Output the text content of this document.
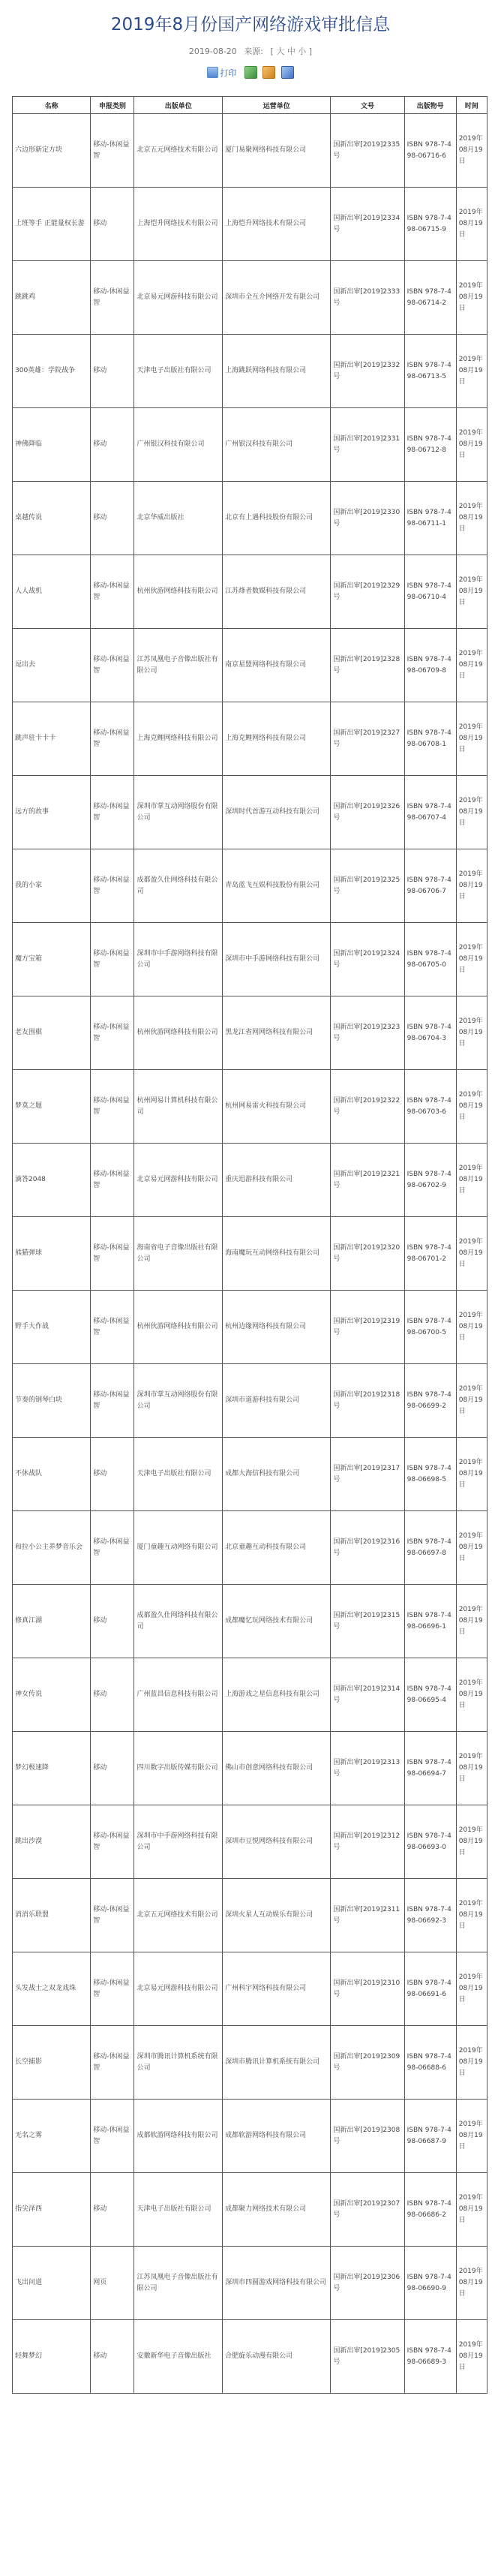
2019年8月份国产网络游戏审批信息
2019-08-20 来源: [ 大 中 小 ]
打印
名称	申报类别	出版单位	运营单位	文号	出版物号	时间
六边形新定方块	移动-休闲益智	北京五元网络技术有限公司	厦门易聚网络科技有限公司	国新出审[2019]2335号	ISBN 978-7-498-06716-6	2019年08月19日
上班等手 正能量权长游	移动	上海恺升网络技术有限公司	上海恺升网络技术有限公司	国新出审[2019]2334号	ISBN 978-7-498-06715-9	2019年08月19日
跳跳鸡	移动-休闲益智	北京易元网游科技有限公司	深圳市全互介网络开发有限公司	国新出审[2019]2333号	ISBN 978-7-498-06714-2	2019年08月19日
300英雄：学院战争	移动	天津电子出版社有限公司	上海跳跃网络科技有限公司	国新出审[2019]2332号	ISBN 978-7-498-06713-5	2019年08月19日
神佛降临	移动	广州银汉科技有限公司	广州银汉科技有限公司	国新出审[2019]2331号	ISBN 978-7-498-06712-8	2019年08月19日
桌越传说	移动	北京华威出版社	北京有上遇科技股份有限公司	国新出审[2019]2330号	ISBN 978-7-498-06711-1	2019年08月19日
人人战机	移动-休闲益智	杭州伙游网络科技有限公司	江苏烽者数媒科技有限公司	国新出审[2019]2329号	ISBN 978-7-498-06710-4	2019年08月19日
逗出去	移动-休闲益智	江苏凤凰电子音像出版社有限公司	南京星盟网络科技有限公司	国新出审[2019]2328号	ISBN 978-7-498-06709-8	2019年08月19日
跳声驻卡卡卡	移动-休闲益智	上海克鲤网络科技有限公司	上海克鲤网络科技有限公司	国新出审[2019]2327号	ISBN 978-7-498-06708-1	2019年08月19日
远方的故事	移动-休闲益智	深圳市掌互动网络股份有限公司	深圳时代首游互动科技有限公司	国新出审[2019]2326号	ISBN 978-7-498-06707-4	2019年08月19日
我的小家	移动-休闲益智	成都盈久仕网络科技有限公司	青岛蓝飞互娱科技股份有限公司	国新出审[2019]2325号	ISBN 978-7-498-06706-7	2019年08月19日
魔方宝箱	移动-休闲益智	深圳市中手游网络科技有限公司	深圳市中手游网络科技有限公司	国新出审[2019]2324号	ISBN 978-7-498-06705-0	2019年08月19日
老友围棋	移动-休闲益智	杭州伙游网络科技有限公司	黑龙江省网网络科技有限公司	国新出审[2019]2323号	ISBN 978-7-498-06704-3	2019年08月19日
梦莫之题	移动-休闲益智	杭州网易计算机科技有限公司	杭州网易雷火科技有限公司	国新出审[2019]2322号	ISBN 978-7-498-06703-6	2019年08月19日
滴答2048	移动-休闲益智	北京易元网游科技有限公司	重庆迅游科技有限公司	国新出审[2019]2321号	ISBN 978-7-498-06702-9	2019年08月19日
熊猫弹球	移动-休闲益智	海南省电子音像出版社有限公司	海南魔玩互动网络科技有限公司	国新出审[2019]2320号	ISBN 978-7-498-06701-2	2019年08月19日
野手大作战	移动-休闲益智	杭州伙游网络科技有限公司	杭州边缘网络科技有限公司	国新出审[2019]2319号	ISBN 978-7-498-06700-5	2019年08月19日
节奏的钢琴白块	移动-休闲益智	深圳市掌互动网络股份有限公司	深圳市道游科技有限公司	国新出审[2019]2318号	ISBN 978-7-498-06699-2	2019年08月19日
不休战队	移动	天津电子出版社有限公司	成都大海信科技有限公司	国新出审[2019]2317号	ISBN 978-7-498-06698-5	2019年08月19日
和拉小公主养梦音乐会	移动-休闲益智	厦门童趣互动网络有限公司	北京童趣互动科技有限公司	国新出审[2019]2316号	ISBN 978-7-498-06697-8	2019年08月19日
修真江湖	移动	成都盈久仕网络科技有限公司	成都魔忆玩网络技术有限公司	国新出审[2019]2315号	ISBN 978-7-498-06696-1	2019年08月19日
神女传说	移动	广州蓝昌信息科技有限公司	上海游戏之星信息科技有限公司	国新出审[2019]2314号	ISBN 978-7-498-06695-4	2019年08月19日
梦幻极速降	移动	四川数字出版传媒有限公司	佛山市创意网络科技有限公司	国新出审[2019]2313号	ISBN 978-7-498-06694-7	2019年08月19日
跳出沙漠	移动-休闲益智	深圳市中手游网络科技有限公司	深圳市豆悦网络科技有限公司	国新出审[2019]2312号	ISBN 978-7-498-06693-0	2019年08月19日
消消乐联盟	移动-休闲益智	北京五元网络技术有限公司	深圳火星人互动娱乐有限公司	国新出审[2019]2311号	ISBN 978-7-498-06692-3	2019年08月19日
头发战士之双龙戏珠	移动-休闲益智	北京易元网游科技有限公司	广州科宇网络科技有限公司	国新出审[2019]2310号	ISBN 978-7-498-06691-6	2019年08月19日
长空捕影	移动-休闲益智	深圳市腾讯计算机系统有限公司	深圳市腾讯计算机系统有限公司	国新出审[2019]2309号	ISBN 978-7-498-06688-6	2019年08月19日
无名之雾	移动-休闲益智	成都软游网络科技有限公司	成都软游网络科技有限公司	国新出审[2019]2308号	ISBN 978-7-498-06687-9	2019年08月19日
指尖泽西	移动	天津电子出版社有限公司	成都聚力网络技术有限公司	国新出审[2019]2307号	ISBN 978-7-498-06686-2	2019年08月19日
飞出问道	网页	江苏凤凰电子音像出版社有限公司	深圳市四圆游戏网络科技有限公司	国新出审[2019]2306号	ISBN 978-7-498-06690-9	2019年08月19日
轻舞梦幻	移动	安徽新华电子音像出版社	合肥旋乐动漫有限公司	国新出审[2019]2305号	ISBN 978-7-498-06689-3	2019年08月19日
